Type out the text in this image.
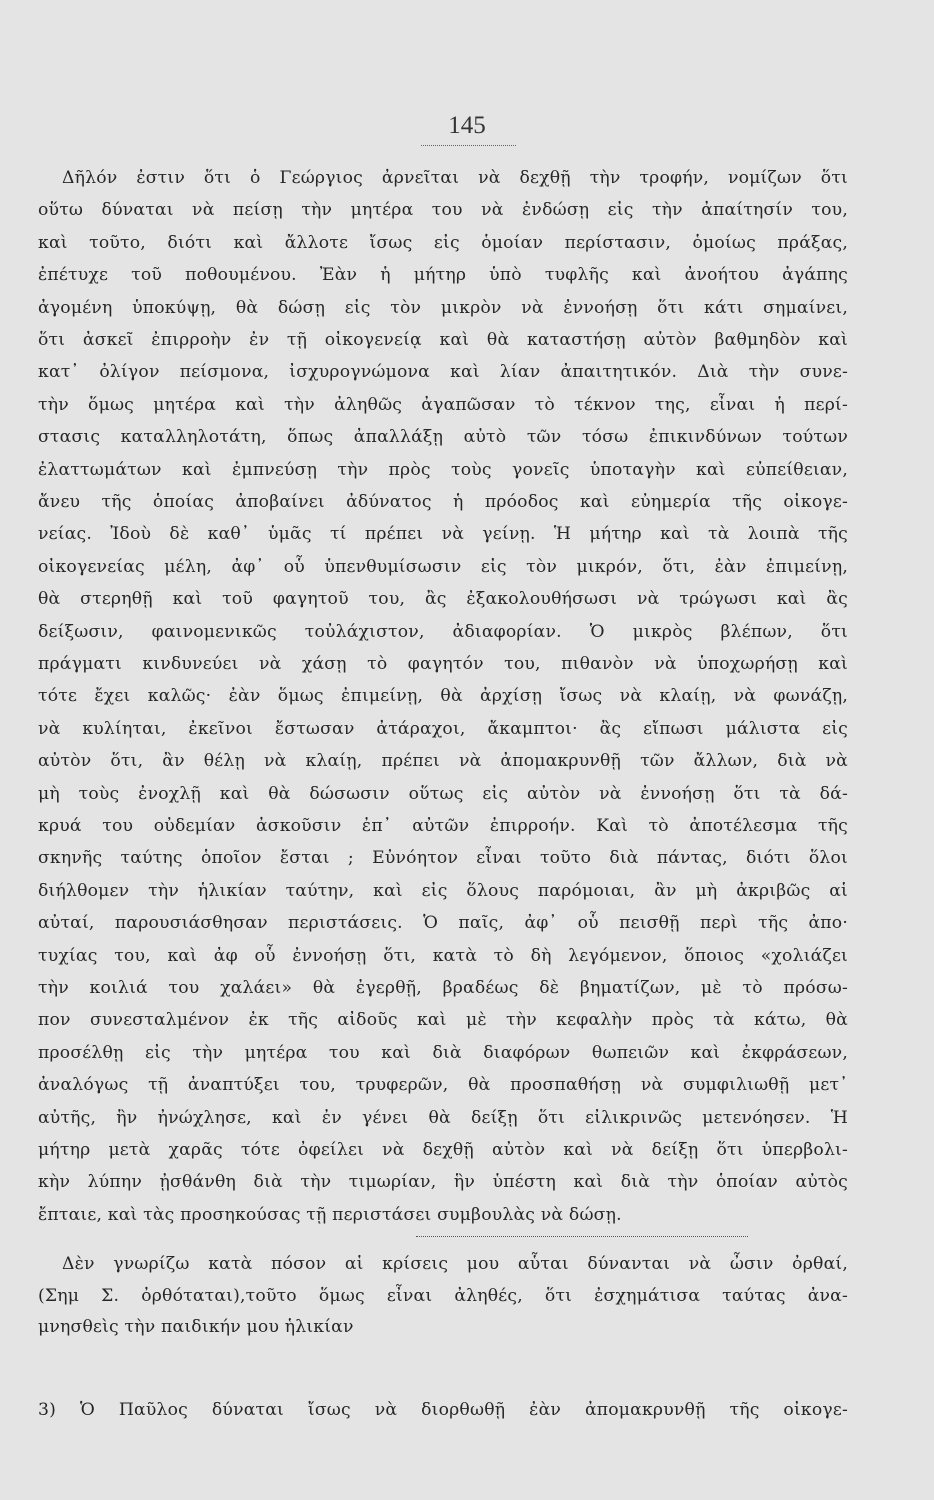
145
Δῆλόν ἐστιν ὅτι ὁ Γεώργιος ἀρνεῖται νὰ δεχθῇ τὴν τροφήν, νομίζων ὅτι
οὕτω δύναται νὰ πείσῃ τὴν μητέρα του νὰ ἐνδώσῃ εἰς τὴν ἀπαίτησίν του,
καὶ τοῦτο, διότι καὶ ἄλλοτε ἴσως εἰς ὁμοίαν περίστασιν, ὁμοίως πράξας,
ἐπέτυχε τοῦ ποθουμένου. Ἐὰν ἡ μήτηρ ὑπὸ τυφλῆς καὶ ἀνοήτου ἀγάπης
ἀγομένη ὑποκύψῃ, θὰ δώσῃ εἰς τὸν μικρὸν νὰ ἐννοήσῃ ὅτι κάτι σημαίνει,
ὅτι ἀσκεῖ ἐπιρροὴν ἐν τῇ οἰκογενείᾳ καὶ θὰ καταστήσῃ αὐτὸν βαθμηδὸν καὶ
κατ᾽ ὀλίγον πείσμονα, ἰσχυρογνώμονα καὶ λίαν ἀπαιτητικόν. Διὰ τὴν συνε-
τὴν ὅμως μητέρα καὶ τὴν ἀληθῶς ἀγαπῶσαν τὸ τέκνον της, εἶναι ἡ περί-
στασις καταλληλοτάτη, ὅπως ἀπαλλάξῃ αὐτὸ τῶν τόσω ἐπικινδύνων τούτων
ἐλαττωμάτων καὶ ἐμπνεύσῃ τὴν πρὸς τοὺς γονεῖς ὑποταγὴν καὶ εὐπείθειαν,
ἄνευ τῆς ὁποίας ἀποβαίνει ἀδύνατος ἡ πρόοδος καὶ εὐημερία τῆς οἰκογε-
νείας. Ἰδοὺ δὲ καθ᾽ ὑμᾶς τί πρέπει νὰ γείνῃ. Ἡ μήτηρ καὶ τὰ λοιπὰ τῆς
οἰκογενείας μέλη, ἀφ᾽ οὗ ὑπενθυμίσωσιν εἰς τὸν μικρόν, ὅτι, ἐὰν ἐπιμείνῃ,
θὰ στερηθῇ καὶ τοῦ φαγητοῦ του, ἂς ἐξακολουθήσωσι νὰ τρώγωσι καὶ ἂς
δείξωσιν, φαινομενικῶς τοὐλάχιστον, ἀδιαφορίαν. Ὁ μικρὸς βλέπων, ὅτι
πράγματι κινδυνεύει νὰ χάσῃ τὸ φαγητόν του, πιθανὸν νὰ ὑποχωρήσῃ καὶ
τότε ἔχει καλῶς· ἐὰν ὅμως ἐπιμείνῃ, θὰ ἀρχίσῃ ἴσως νὰ κλαίῃ, νὰ φωνάζῃ,
νὰ κυλίηται, ἐκεῖνοι ἔστωσαν ἀτάραχοι, ἄκαμπτοι· ἂς εἴπωσι μάλιστα εἰς
αὐτὸν ὅτι, ἂν θέλῃ νὰ κλαίῃ, πρέπει νὰ ἀπομακρυνθῇ τῶν ἄλλων, διὰ νὰ
μὴ τοὺς ἐνοχλῇ καὶ θὰ δώσωσιν οὕτως εἰς αὐτὸν νὰ ἐννοήσῃ ὅτι τὰ δά-
κρυά του οὐδεμίαν ἀσκοῦσιν ἐπ᾽ αὐτῶν ἐπιρροήν. Καὶ τὸ ἀποτέλεσμα τῆς
σκηνῆς ταύτης ὁποῖον ἔσται ; Εὐνόητον εἶναι τοῦτο διὰ πάντας, διότι ὅλοι
διήλθομεν τὴν ἡλικίαν ταύτην, καὶ εἰς ὅλους παρόμοιαι, ἂν μὴ ἀκριβῶς αἱ
αὐταί, παρουσιάσθησαν περιστάσεις. Ὁ παῖς, ἀφ᾽ οὗ πεισθῇ περὶ τῆς ἀπο·
τυχίας του, καὶ ἀφ οὗ ἐννοήσῃ ὅτι, κατὰ τὸ δὴ λεγόμενον, ὅποιος «χολιάζει
τὴν κοιλιά του χαλάει» θὰ ἐγερθῇ, βραδέως δὲ βηματίζων, μὲ τὸ πρόσω-
πον συνεσταλμένον ἐκ τῆς αἰδοῦς καὶ μὲ τὴν κεφαλὴν πρὸς τὰ κάτω, θὰ
προσέλθῃ εἰς τὴν μητέρα του καὶ διὰ διαφόρων θωπειῶν καὶ ἐκφράσεων,
ἀναλόγως τῇ ἀναπτύξει του, τρυφερῶν, θὰ προσπαθήσῃ νὰ συμφιλιωθῇ μετ᾽
αὐτῆς, ἣν ἠνώχλησε, καὶ ἐν γένει θὰ δείξῃ ὅτι εἰλικρινῶς μετενόησεν. Ἡ
μήτηρ μετὰ χαρᾶς τότε ὀφείλει νὰ δεχθῇ αὐτὸν καὶ νὰ δείξῃ ὅτι ὑπερβολι-
κὴν λύπην ᾐσθάνθη διὰ τὴν τιμωρίαν, ἣν ὑπέστη καὶ διὰ τὴν ὁποίαν αὐτὸς
ἔπταιε, καὶ τὰς προσηκούσας τῇ περιστάσει συμβουλὰς νὰ δώσῃ.
Δὲν γνωρίζω κατὰ πόσον αἱ κρίσεις μου αὗται δύνανται νὰ ὦσιν ὀρθαί,
(Σημ Σ. ὀρθόταται),τοῦτο ὅμως εἶναι ἀληθές, ὅτι ἐσχημάτισα ταύτας ἀνα-
μνησθεὶς τὴν παιδικήν μου ἡλικίαν
3) Ὁ Παῦλος δύναται ἴσως νὰ διορθωθῇ ἐὰν ἀπομακρυνθῇ τῆς οἰκογε-
